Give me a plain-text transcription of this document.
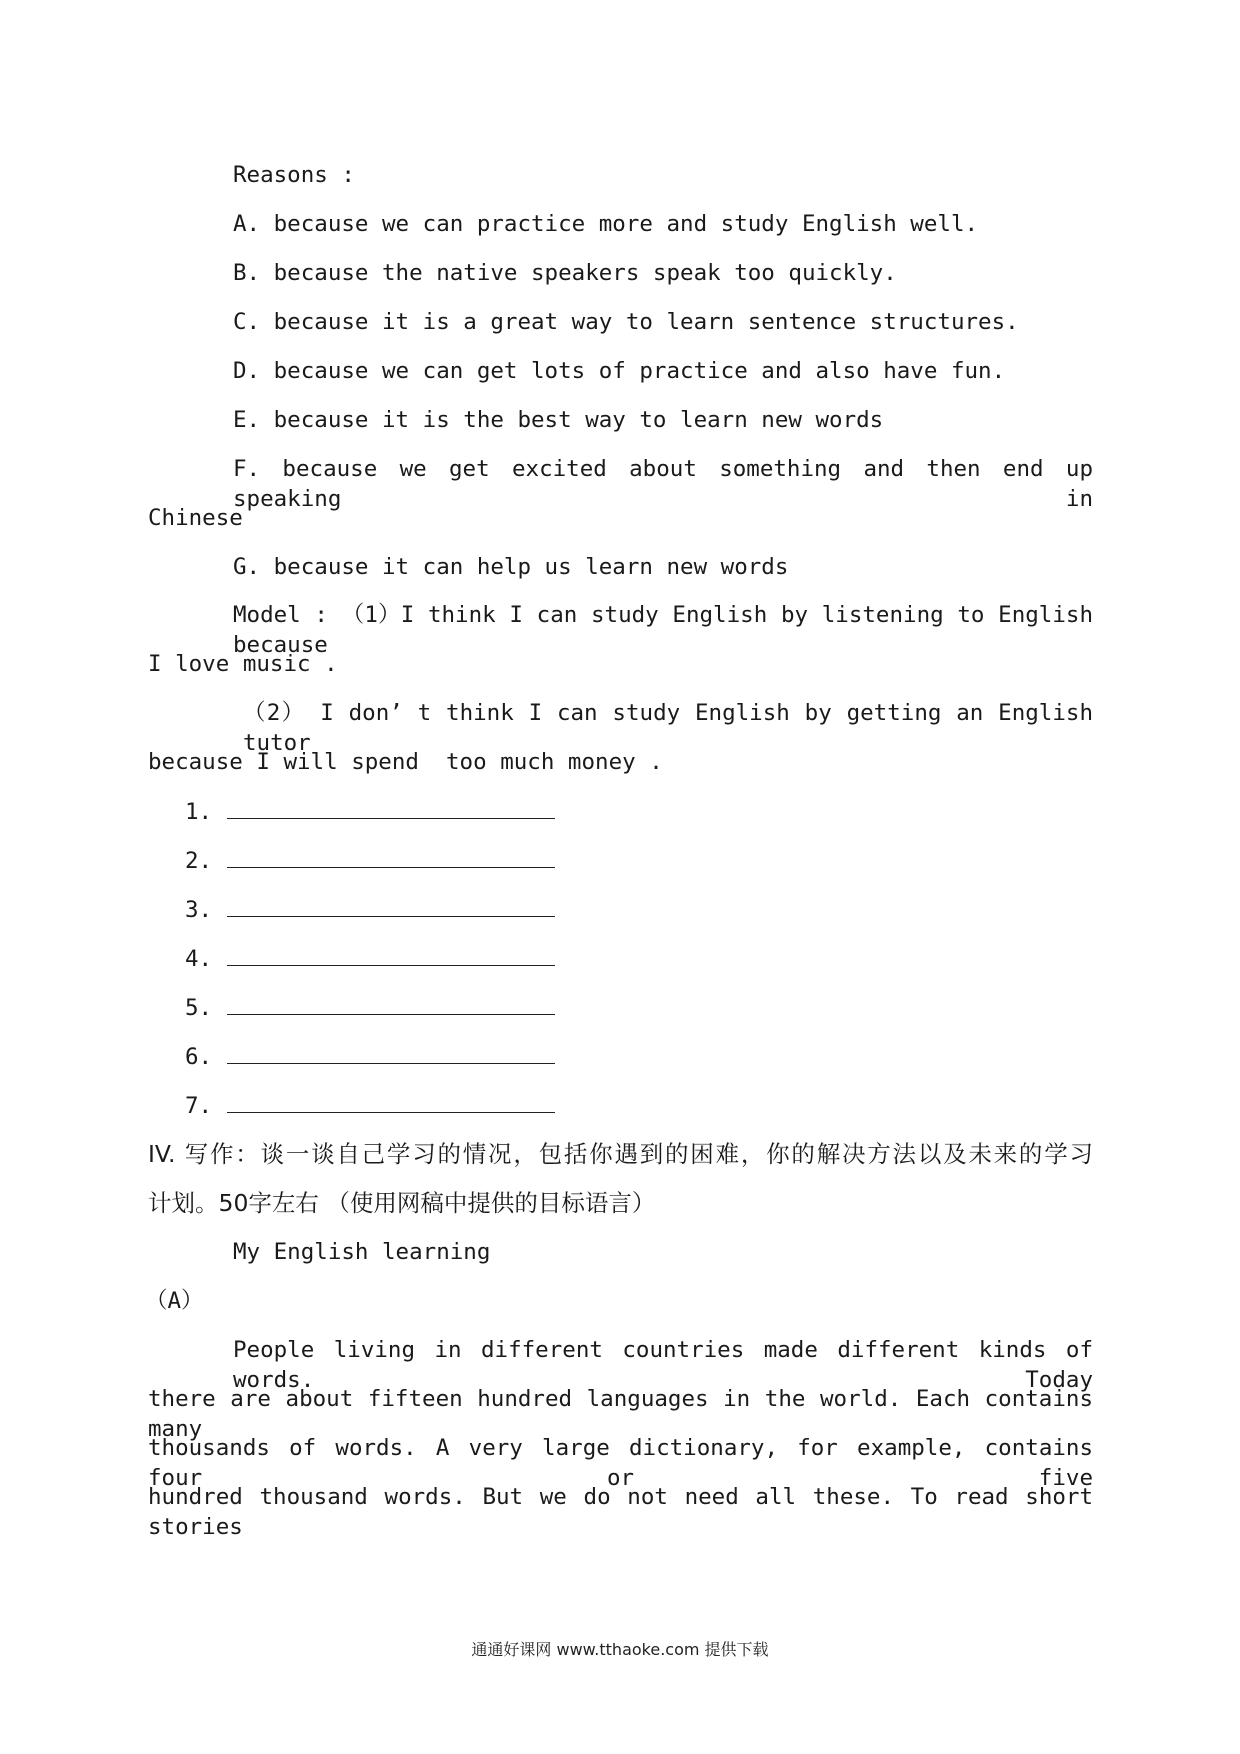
Reasons :
A. because we can practice more and study English well.
B. because the native speakers speak too quickly.
C. because it is a great way to learn sentence structures.
D. because we can get lots of practice and also have fun.
E. because it is the best way to learn new words
F. because we get excited about something and then end up speaking in
Chinese
G. because it can help us learn new words
Model : （1）I think I can study English by listening to English because
I love music .
（2） I don’ t think I can study English by getting an English tutor
because I will spend  too much money .
1.
2.
3.
4.
5.
6.
7.
IV. 写作：谈一谈自己学习的情况，包括你遇到的困难，你的解决方法以及未来的学习
计划。50字左右 （使用网稿中提供的目标语言）
My English learning
（A）
People living in different countries made different kinds of words. Today
there are about fifteen hundred languages in the world. Each contains many
thousands of words. A very large dictionary, for example, contains four or five
hundred thousand words. But we do not need all these. To read short stories
通通好课网 www.tthaoke.com 提供下载
